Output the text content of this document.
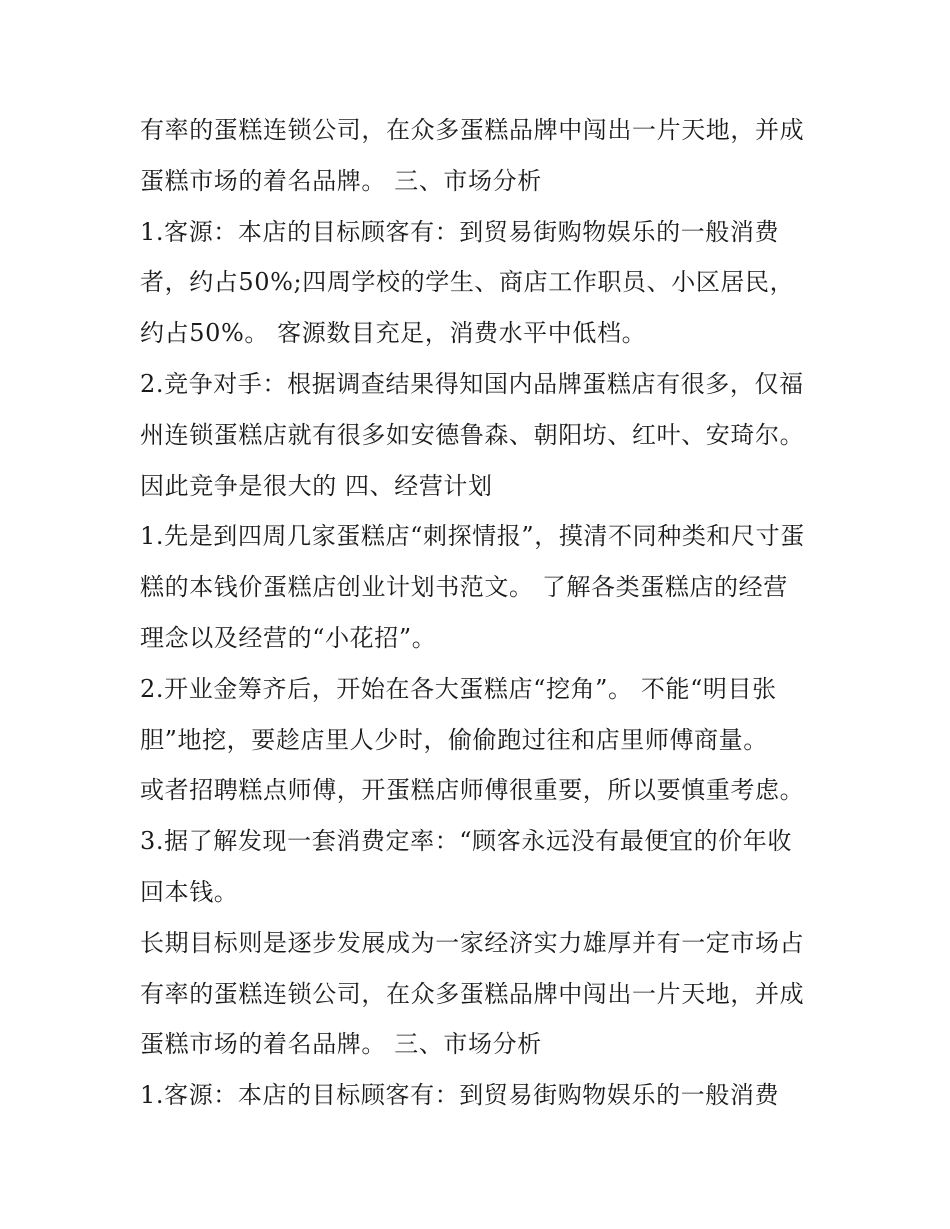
有率的蛋糕连锁公司，在众多蛋糕品牌中闯出一片天地，并成
蛋糕市场的着名品牌。 三、市场分析
1.客源：本店的目标顾客有：到贸易街购物娱乐的一般消费
者，约占50%;四周学校的学生、商店工作职员、小区居民，
约占50%。 客源数目充足，消费水平中低档。
2.竞争对手：根据调查结果得知国内品牌蛋糕店有很多，仅福
州连锁蛋糕店就有很多如安德鲁森、朝阳坊、红叶、安琦尔。
因此竞争是很大的 四、经营计划
1.先是到四周几家蛋糕店“刺探情报”，摸清不同种类和尺寸蛋
糕的本钱价蛋糕店创业计划书范文。 了解各类蛋糕店的经营
理念以及经营的“小花招”。
2.开业金筹齐后，开始在各大蛋糕店“挖角”。 不能“明目张
胆”地挖，要趁店里人少时，偷偷跑过往和店里师傅商量。
或者招聘糕点师傅，开蛋糕店师傅很重要，所以要慎重考虑。
3.据了解发现一套消费定率：“顾客永远没有最便宜的价年收
回本钱。
长期目标则是逐步发展成为一家经济实力雄厚并有一定市场占
有率的蛋糕连锁公司，在众多蛋糕品牌中闯出一片天地，并成
蛋糕市场的着名品牌。 三、市场分析
1.客源：本店的目标顾客有：到贸易街购物娱乐的一般消费
